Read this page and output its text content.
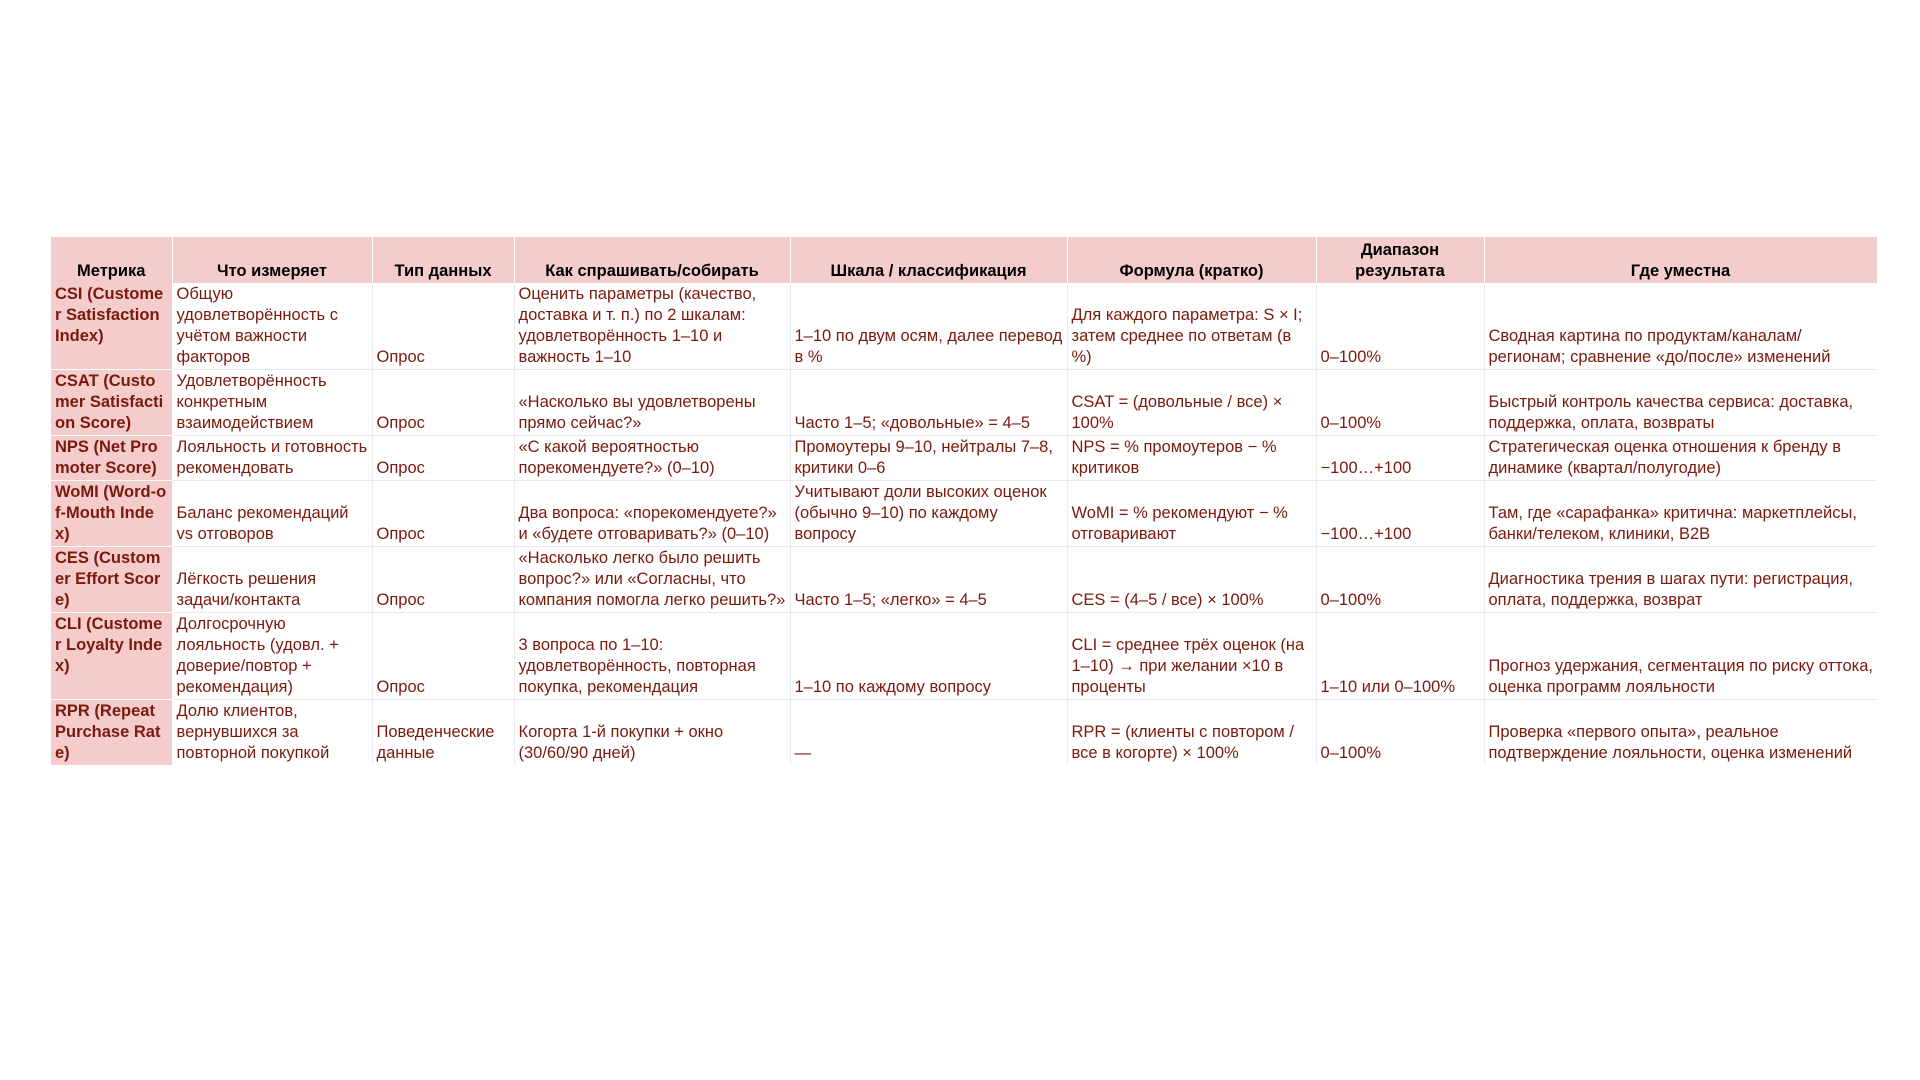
Метрика	Что измеряет	Тип данных	Как спрашивать/собирать	Шкала / классификация	Формула (кратко)	Диапазон результата	Где уместна
CSI (Customer Satisfaction Index)	Общую удовлетворённость с учётом важности факторов	Опрос	Оценить параметры (качество, доставка и т. п.) по 2 шкалам: удовлетворённость 1–10 и важность 1–10	1–10 по двум осям, далее перевод в %	Для каждого параметра: S × I; затем среднее по ответам (в %)	0–100%	Сводная картина по продуктам/каналам/регионам; сравнение «до/после» изменений
CSAT (Customer Satisfaction Score)	Удовлетворённость конкретным взаимодействием	Опрос	«Насколько вы удовлетворены прямо сейчас?»	Часто 1–5; «довольные» = 4–5	CSAT = (довольные / все) × 100%	0–100%	Быстрый контроль качества сервиса: доставка, поддержка, оплата, возвраты
NPS (Net Promoter Score)	Лояльность и готовность рекомендовать	Опрос	«С какой вероятностью порекомендуете?» (0–10)	Промоутеры 9–10, нейтралы 7–8, критики 0–6	NPS = % промоутеров − % критиков	−100…+100	Стратегическая оценка отношения к бренду в динамике (квартал/полугодие)
WoMI (Word-of-Mouth Index)	Баланс рекомендаций vs отговоров	Опрос	Два вопроса: «порекомендуете?» и «будете отговаривать?» (0–10)	Учитывают доли высоких оценок (обычно 9–10) по каждому вопросу	WoMI = % рекомендуют − % отговаривают	−100…+100	Там, где «сарафанка» критична: маркетплейсы, банки/телеком, клиники, B2B
CES (Customer Effort Score)	Лёгкость решения задачи/контакта	Опрос	«Насколько легко было решить вопрос?» или «Согласны, что компания помогла легко решить?»	Часто 1–5; «легко» = 4–5	CES = (4–5 / все) × 100%	0–100%	Диагностика трения в шагах пути: регистрация, оплата, поддержка, возврат
CLI (Customer Loyalty Index)	Долгосрочную лояльность (удовл. + доверие/повтор + рекомендация)	Опрос	3 вопроса по 1–10: удовлетворённость, повторная покупка, рекомендация	1–10 по каждому вопросу	CLI = среднее трёх оценок (на 1–10) → при желании ×10 в проценты	1–10 или 0–100%	Прогноз удержания, сегментация по риску оттока, оценка программ лояльности
RPR (Repeat Purchase Rate)	Долю клиентов, вернувшихся за повторной покупкой	Поведенческие данные	Когорта 1-й покупки + окно (30/60/90 дней)	—	RPR = (клиенты с повтором / все в когорте) × 100%	0–100%	Проверка «первого опыта», реальное подтверждение лояльности, оценка изменений
